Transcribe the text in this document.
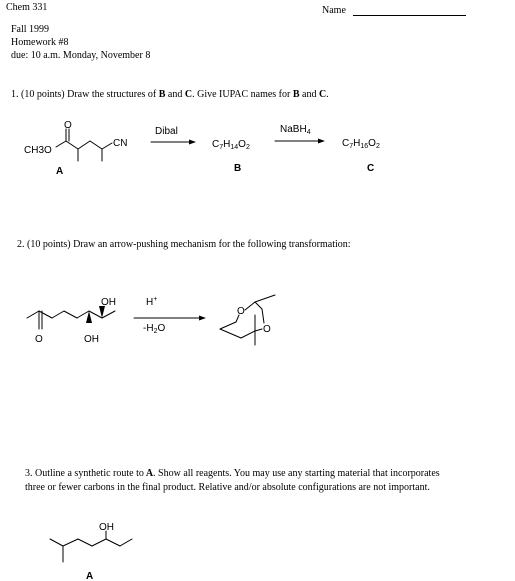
Chem 331	Name
Fall 1999
Homework #8
due: 10 a.m. Monday, November 8
1. (10 points) Draw the structures of B and C. Give IUPAC names for B and C.
O
CH3O
CN
A
Dibal
$C_7H_{14}O_2$
B
NaBH$_4$
$C_7H_{16}O_2$
C
2. (10 points) Draw an arrow-pushing mechanism for the following transformation:
OH
OH
O
H+
$-H_2O$
O
O
3. Outline a synthetic route to A. Show all reagents. You may use any starting material that incorporates
three or fewer carbons in the final product. Relative and/or absolute configurations are not important.
OH
A
